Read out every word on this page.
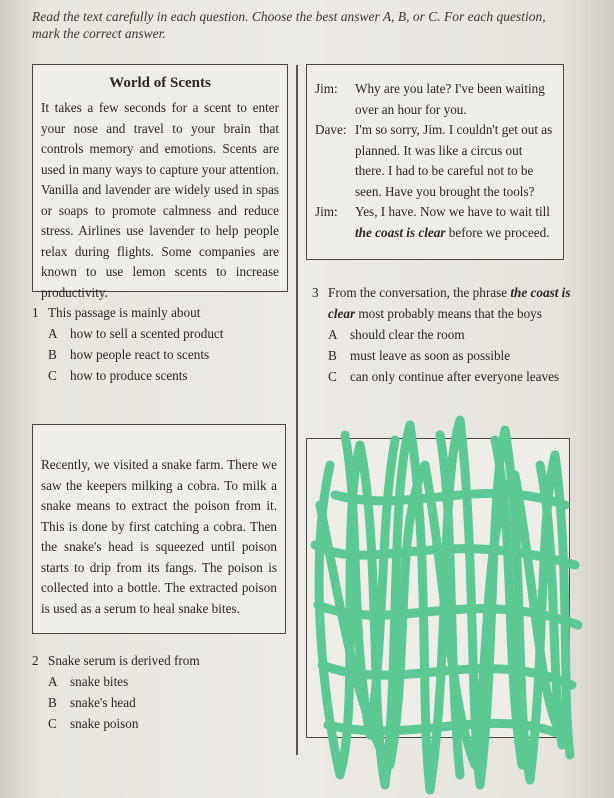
Read the text carefully in each question. Choose the best answer A, B, or C. For each question, mark the correct answer.
World of Scents
It takes a few seconds for a scent to enter your nose and travel to your brain that controls memory and emotions. Scents are used in many ways to capture your attention. Vanilla and lavender are widely used in spas or soaps to promote calmness and reduce stress. Airlines use lavender to help people relax during flights. Some companies are known to use lemon scents to increase productivity.
1 This passage is mainly about
A how to sell a scented product
B	how people react to scents
C	how to produce scents
Recently, we visited a snake farm. There we saw the keepers milking a cobra. To milk a snake means to extract the poison from it. This is done by first catching a cobra. Then the snake's head is squeezed until poison starts to drip from its fangs. The poison is collected into a bottle. The extracted poison is used as a serum to heal snake bites.
2 Snake serum is derived from
A snake bites
B	snake's head
C	snake poison
Jim:	Why are you late? I've been waiting over an hour for you.
Dave: I'm so sorry, Jim. I couldn't get out as planned. It was like a circus out there. I had to be careful not to be seen. Have you brought the tools?
Jim:	Yes, I have. Now we have to wait till the coast is clear before we proceed.
3 From the conversation, the phrase the coast is clear most probably means that the boys
A should clear the room
B	must leave as soon as possible
C	can only continue after everyone leaves
